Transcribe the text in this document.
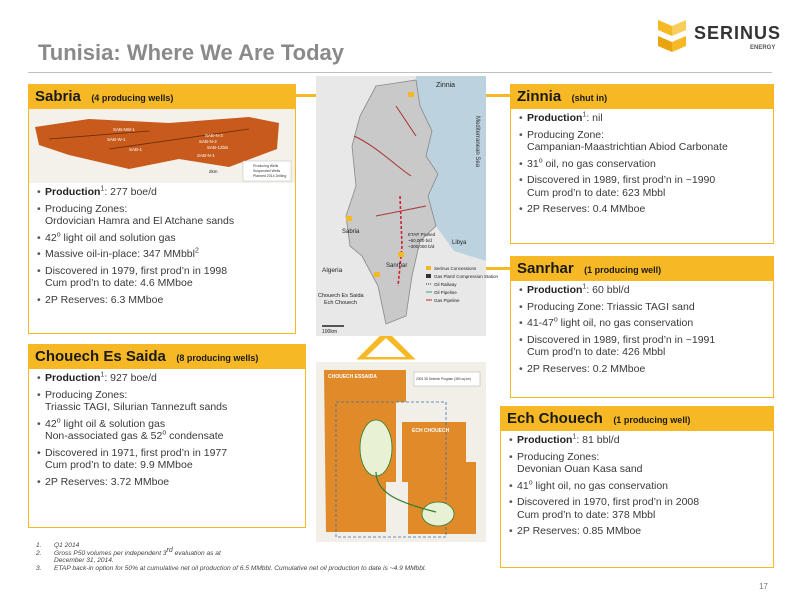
Tunisia: Where We Are Today
SERINUS
ENERGY
Zinnia
Mediterranean Sea
Sabria
Libya
Algeria
Sanrhar
Chouech Es Saida
Ech Chouech
ETAP Pruned
~60,000 b/d
~300,000 b/d
Serinus Concessions
Gas Plant/ Compression Station
Oil Railway
Oil Pipeline
Gas Pipeline
100km
CHOUECH ESSAIDA
ECH CHOUECH
2005 3D Seismic Program (380 sq km)
Sabria (4 producing wells)
SAB-NW-1
SAB-W-1
SAB-1
SAB-N-3
SAB-N-2
SAB-12bis
SAB-N-1
2km
Producing Wells
Suspended Wells
Planned 2014 Drilling
• Production$^1$: 277 boe/d
• Producing Zones:
Ordovician Hamra and El Atchane sands
• 42$^o$ light oil and solution gas
• Massive oil-in-place: 347 MMbbl$^2$
• Discovered in 1979, first prod’n in 1998
Cum prod’n to date: 4.6 MMboe
• 2P Reserves: 6.3 MMboe
Chouech Es Saida (8 producing wells)
• Production$^1$: 927 boe/d
• Producing Zones:
Triassic TAGI, Silurian Tannezuft sands
• 42$^o$ light oil & solution gas
Non-associated gas & 52$^o$ condensate
• Discovered in 1971, first prod’n in 1977
Cum prod’n to date: 9.9 MMboe
• 2P Reserves: 3.72 MMboe
Zinnia (shut in)
• Production$^1$: nil
• Producing Zone:
Campanian-Maastrichtian Abiod Carbonate
• 31$^o$ oil, no gas conservation
• Discovered in 1989, first prod’n in ~1990
Cum prod’n to date: 623 Mbbl
• 2P Reserves: 0.4 MMboe
Sanrhar (1 producing well)
• Production$^1$: 60 bbl/d
• Producing Zone: Triassic TAGI sand
• 41-47$^o$ light oil, no gas conservation
• Discovered in 1989, first prod’n in ~1991
Cum prod’n to date: 426 Mbbl
• 2P Reserves: 0.2 MMboe
Ech Chouech (1 producing well)
• Production$^1$: 81 bbl/d
• Producing Zones:
Devonian Ouan Kasa sand
• 41$^o$ light oil, no gas conservation
• Discovered in 1970, first prod’n in 2008
Cum prod’n to date: 378 Mbbl
• 2P Reserves: 0.85 MMboe
1. Q1 2014
2. Gross P50 volumes per independent 3rd evaluation as at
December 31, 2014.
3. ETAP back-in option for 50% at cumulative net oil production of 6.5 MMbbl. Cumulative net oil production to date is ~4.9 MMbbl.
17
